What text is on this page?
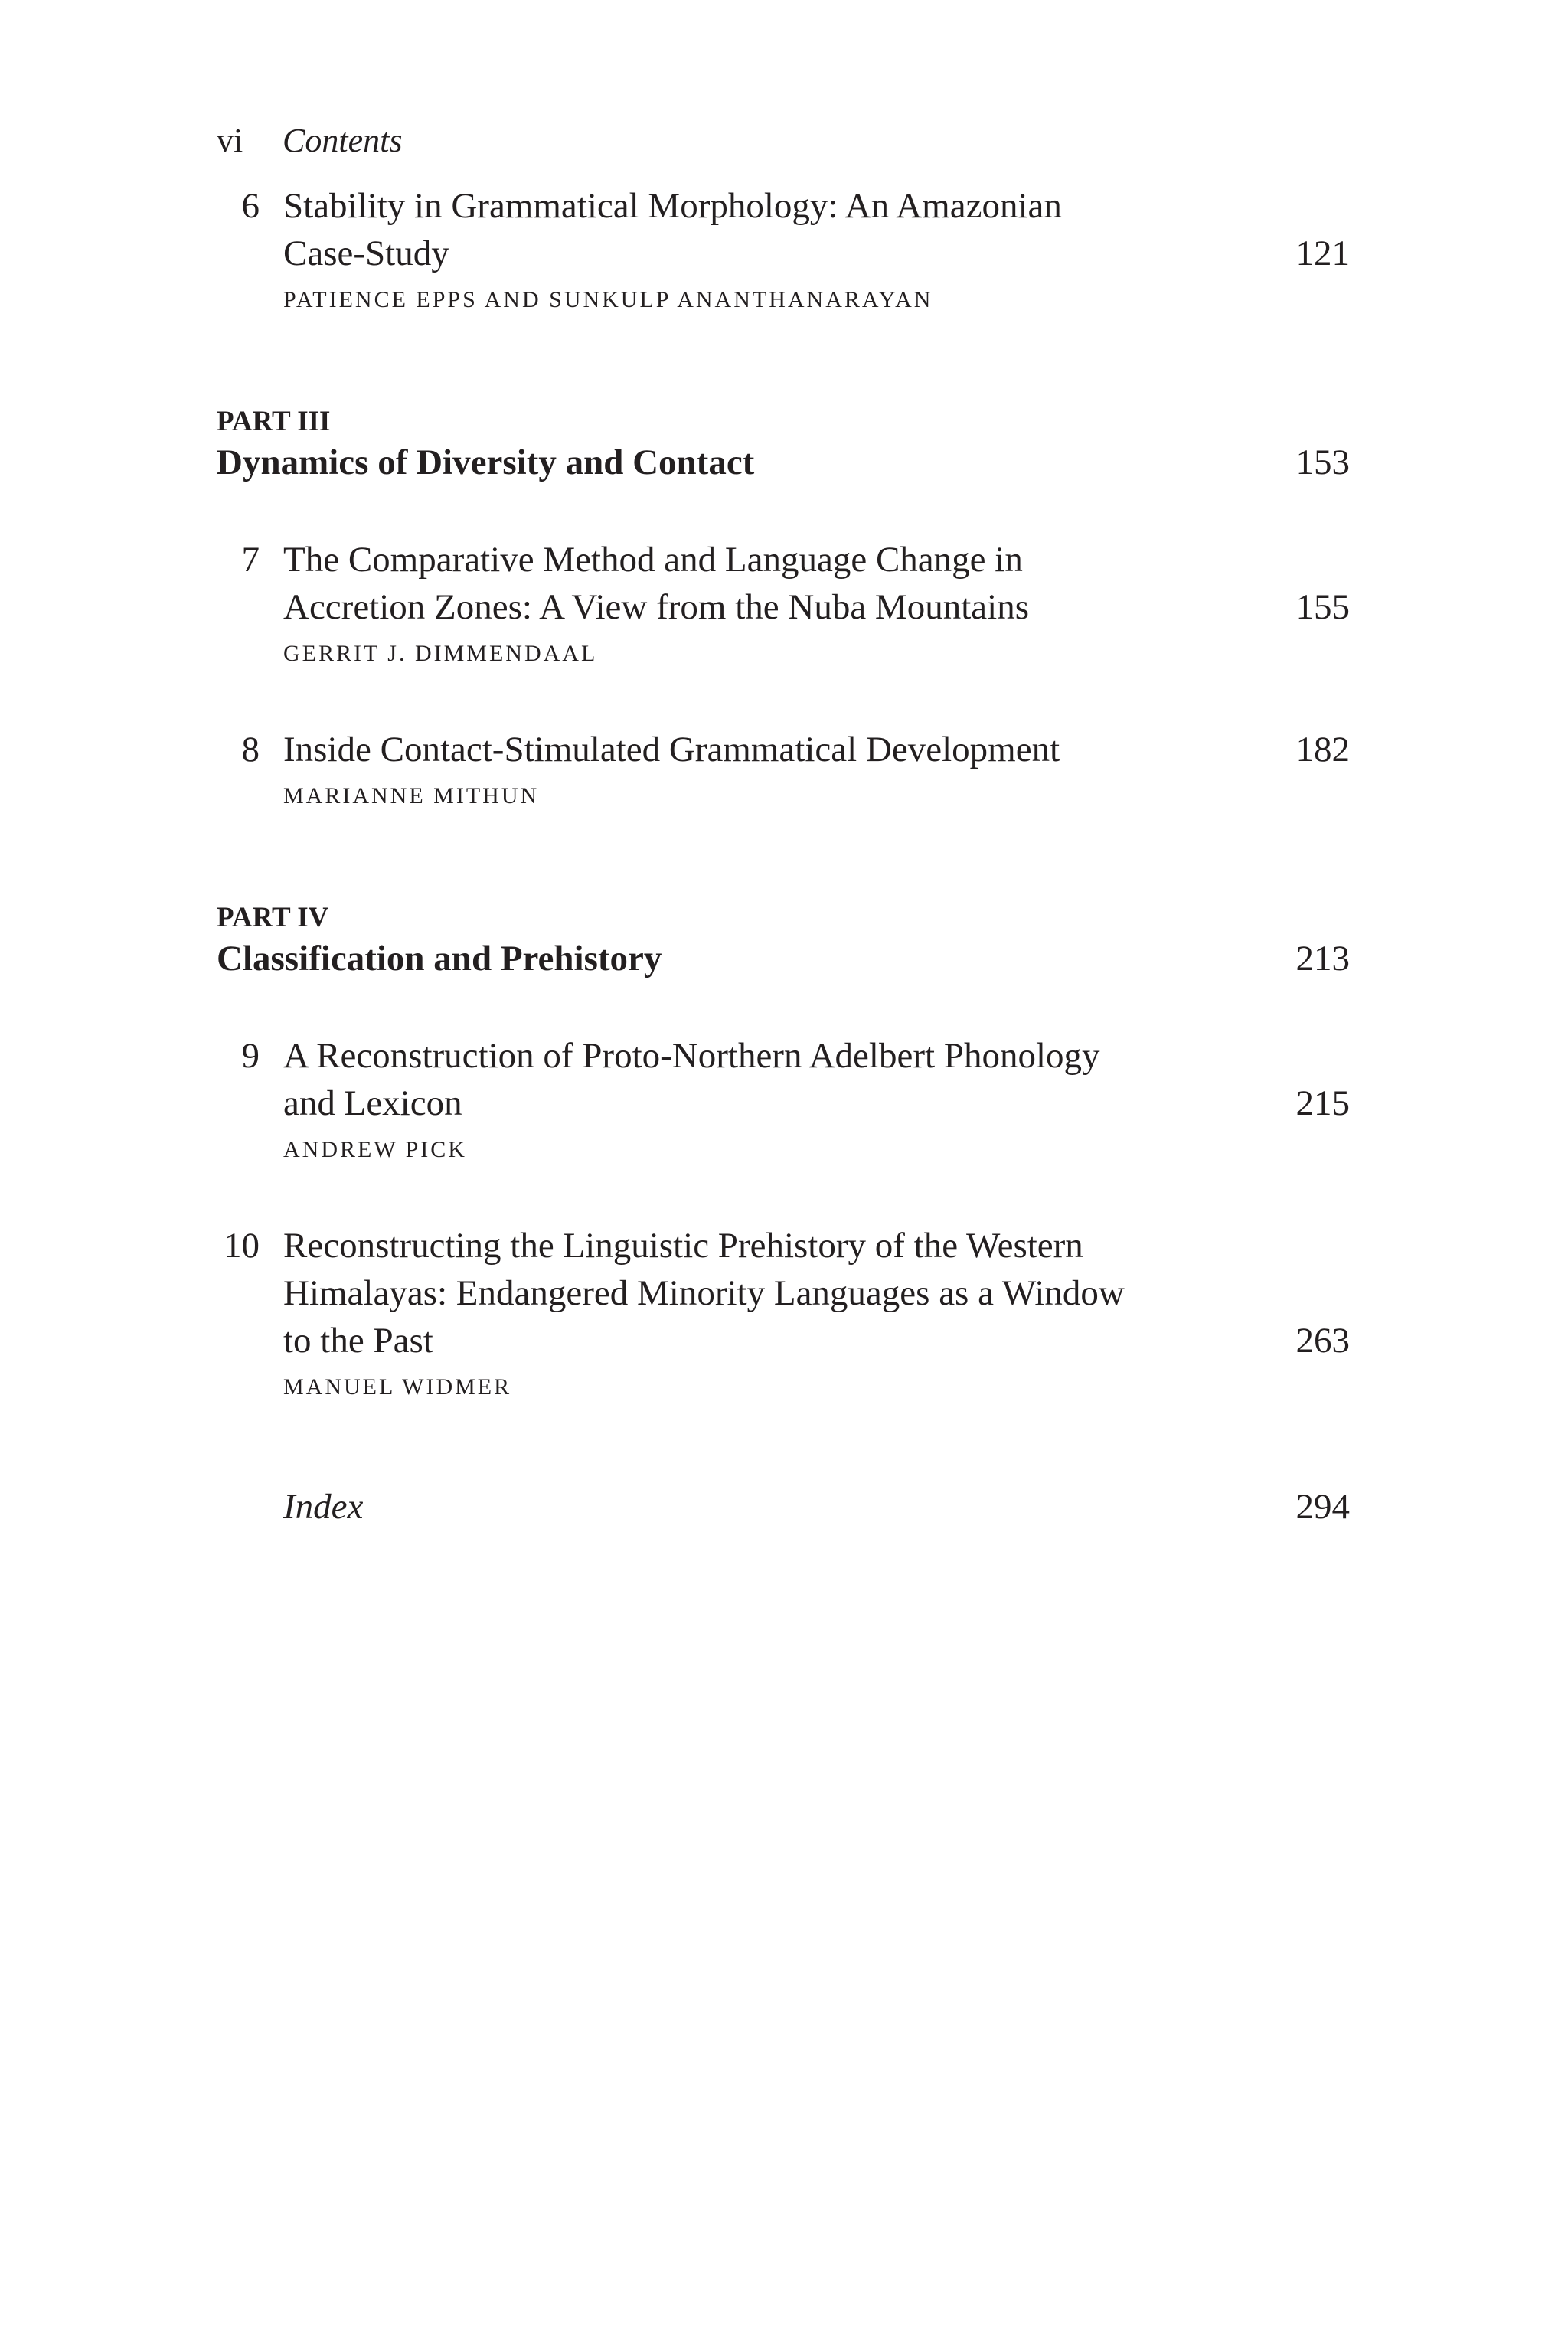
vi Contents
6 Stability in Grammatical Morphology: An Amazonian
Case-Study	121
PATIENCE EPPS AND SUNKULP ANANTHANARAYAN
PART III
Dynamics of Diversity and Contact	153
7 The Comparative Method and Language Change in
Accretion Zones: A View from the Nuba Mountains	155
GERRIT J. DIMMENDAAL
8 Inside Contact-Stimulated Grammatical Development	182
MARIANNE MITHUN
PART IV
Classification and Prehistory	213
9 A Reconstruction of Proto-Northern Adelbert Phonology
and Lexicon	215
ANDREW PICK
10 Reconstructing the Linguistic Prehistory of the Western
Himalayas: Endangered Minority Languages as a Window
to the Past	263
MANUEL WIDMER
Index	294
